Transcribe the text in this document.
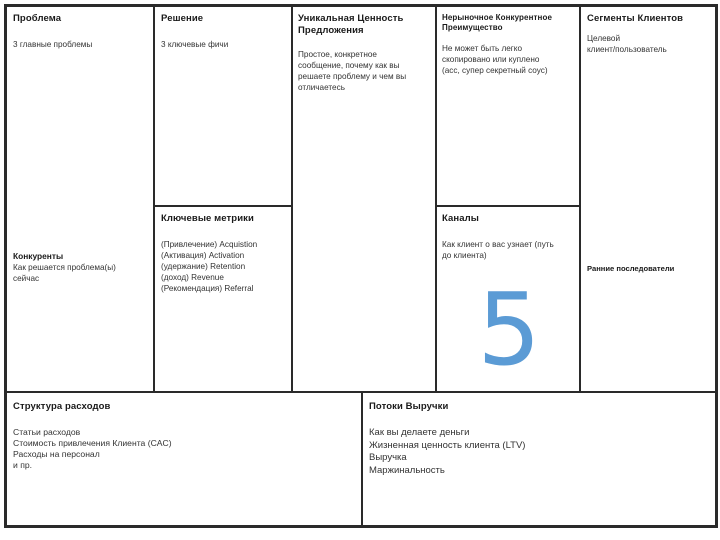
Проблема
3 главные проблемы
Конкуренты
Как решается проблема(ы)
сейчас
Решение
3 ключевые фичи
Ключевые метрики
(Привлечение) Acquistion
(Активация) Activation
(удержание) Retention
(доход) Revenue
(Рекомендация) Referral
Уникальная Ценность
Предложения
Простое, конкретное
сообщение, почему как вы
решаете проблему и чем вы
отличаетесь
Нерыночное Конкурентное
Преимущество
Не может быть легко
скопировано или куплено
(acc, супер секретный соус)
Каналы
Как клиент о вас узнает (путь
до клиента)
Сегменты Клиентов
Целевой
клиент/пользователь
Ранние последователи
Структура расходов
Статьи расходов
Стоимость привлечения Клиента (CAC)
Расходы на персонал
и пр.
Потоки Выручки
Как вы делаете деньги
Жизненная ценность клиента (LTV)
Выручка
Маржинальность
5
